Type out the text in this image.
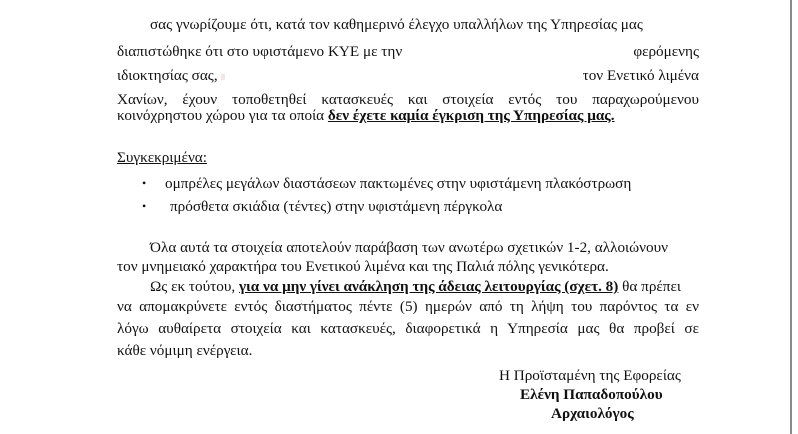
σας γνωρίζουμε ότι, κατά τον καθημερινό έλεγχο υπαλλήλων της Υπηρεσίας μας
διαπιστώθηκε ότι στο υφιστάμενο ΚΥΕ με την	φερόμενης
ιδιοκτησίας σας,	τον Ενετικό λιμένα
Χανίων, έχουν τοποθετηθεί κατασκευές και στοιχεία εντός του παραχωρούμενου
κοινόχρηστου χώρου για τα οποία δεν έχετε καμία έγκριση της Υπηρεσίας μας.
Συγκεκριμένα:
• ομπρέλες μεγάλων διαστάσεων πακτωμένες στην υφιστάμενη πλακόστρωση
• πρόσθετα σκιάδια (τέντες) στην υφιστάμενη πέργκολα
Όλα αυτά τα στοιχεία αποτελούν παράβαση των ανωτέρω σχετικών 1-2, αλλοιώνουν
τον μνημειακό χαρακτήρα του Ενετικού λιμένα και της Παλιά πόλης γενικότερα.
Ως εκ τούτου, για να μην γίνει ανάκληση της άδειας λειτουργίας (σχετ. 8) θα πρέπει
να απομακρύνετε εντός διαστήματος πέντε (5) ημερών από τη λήψη του παρόντος τα εν
λόγω αυθαίρετα στοιχεία και κατασκευές, διαφορετικά η Υπηρεσία μας θα προβεί σε
κάθε νόμιμη ενέργεια.
Η Προϊσταμένη της Εφορείας
Ελένη Παπαδοπούλου
Αρχαιολόγος
